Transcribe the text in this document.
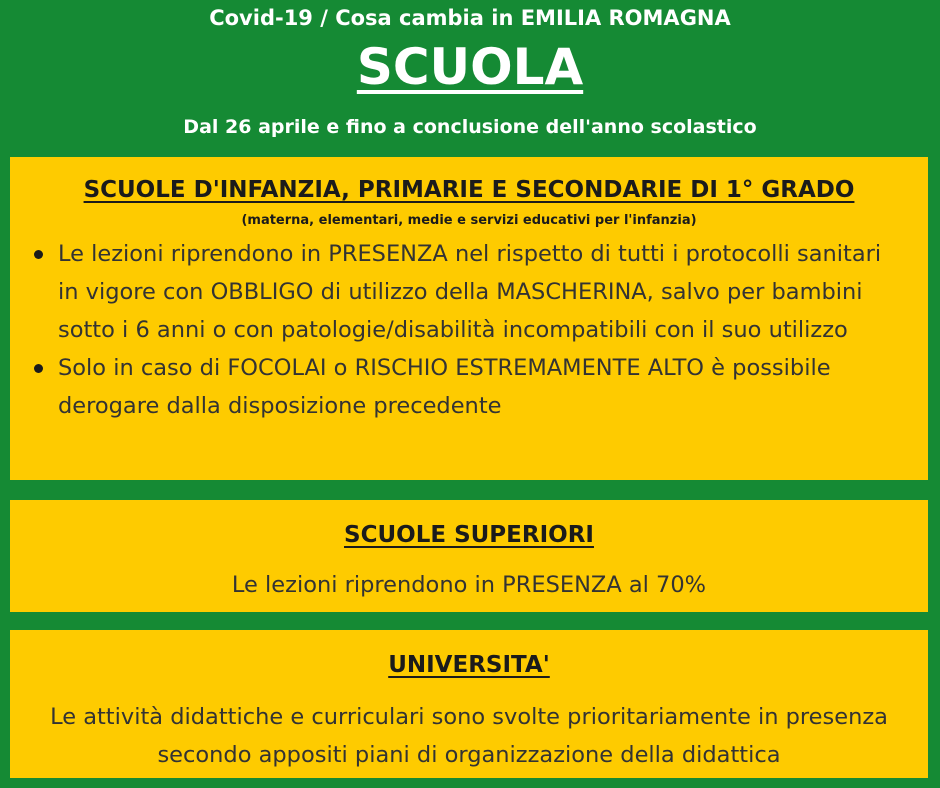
Covid-19 / Cosa cambia in EMILIA ROMAGNA
SCUOLA
Dal 26 aprile e fino a conclusione dell'anno scolastico
SCUOLE D'INFANZIA, PRIMARIE E SECONDARIE DI 1° GRADO
(materna, elementari, medie e servizi educativi per l'infanzia)
Le lezioni riprendono in PRESENZA nel rispetto di tutti i protocolli sanitari in vigore con OBBLIGO di utilizzo della MASCHERINA, salvo per bambini sotto i 6 anni o con patologie/disabilità incompatibili con il suo utilizzo
Solo in caso di FOCOLAI o RISCHIO ESTREMAMENTE ALTO è possibile derogare dalla disposizione precedente
SCUOLE SUPERIORI
Le lezioni riprendono in PRESENZA al 70%
UNIVERSITA'
Le attività didattiche e curriculari sono svolte prioritariamente in presenza secondo appositi piani di organizzazione della didattica
